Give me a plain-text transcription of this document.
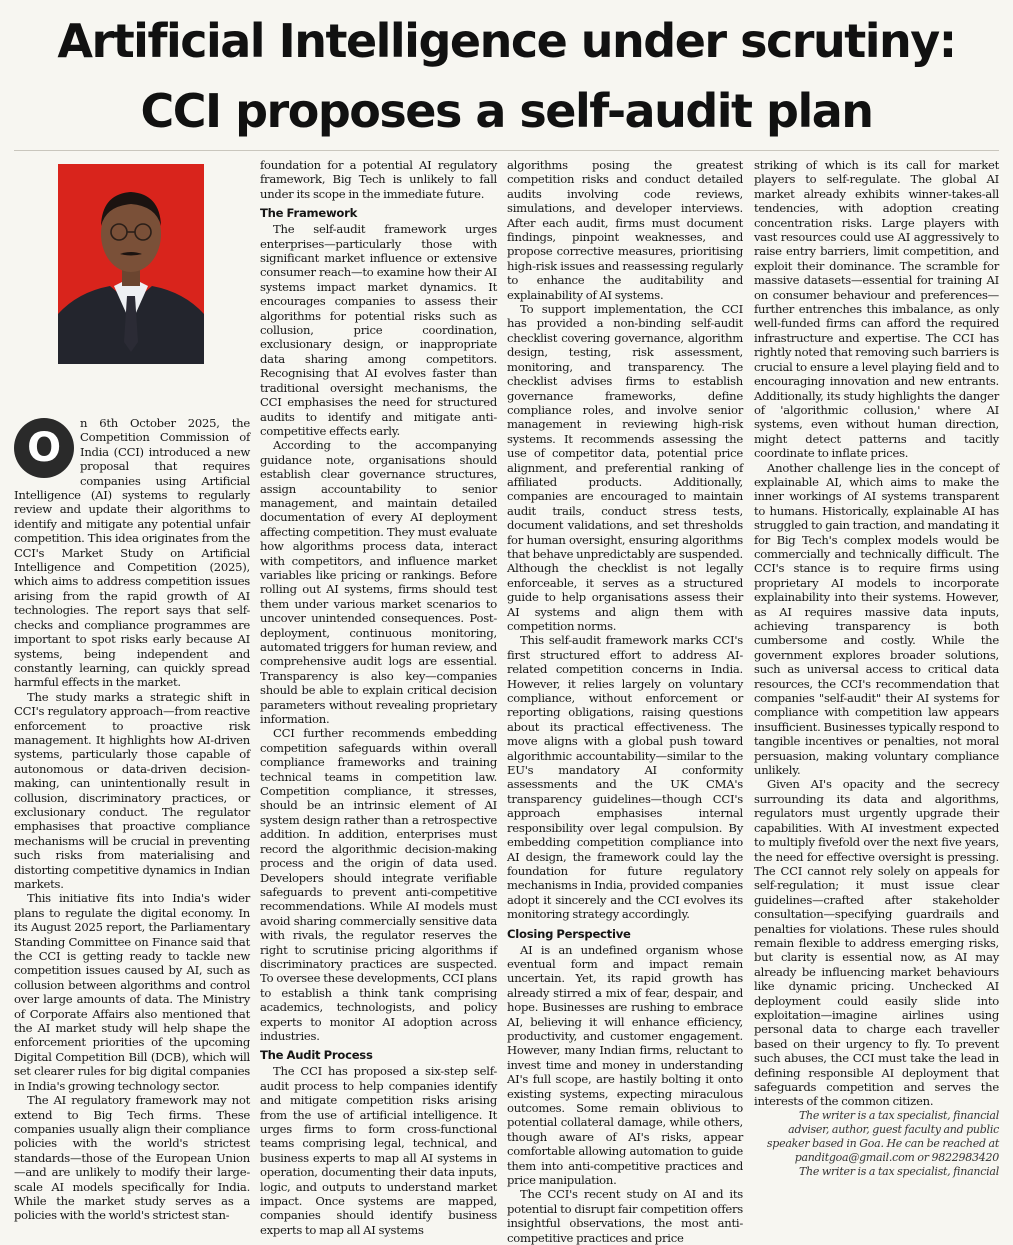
Artificial Intelligence under scrutiny:
CCI proposes a self-audit plan

O
n 6th October 2025, the Competition Commission of India (CCI) introduced a new proposal that requires companies using Artificial Intelligence (AI) systems to regularly review and update their algorithms to identify and mitigate any potential unfair competition. This idea originates from the CCI's Market Study on Artificial Intelligence and Competition (2025), which aims to address competition issues arising from the rapid growth of AI technologies. The report says that self-checks and compliance programmes are important to spot risks early because AI systems, being independent and constantly learning, can quickly spread harmful effects in the market.

The study marks a strategic shift in CCI's regulatory approach—from reactive enforcement to proactive risk management. It highlights how AI-driven systems, particularly those capable of autonomous or data-driven decision-making, can unintentionally result in collusion, discriminatory practices, or exclusionary conduct. The regulator emphasises that proactive compliance mechanisms will be crucial in preventing such risks from materialising and distorting competitive dynamics in Indian markets.

This initiative fits into India's wider plans to regulate the digital economy. In its August 2025 report, the Parliamentary Standing Committee on Finance said that the CCI is getting ready to tackle new competition issues caused by AI, such as collusion between algorithms and control over large amounts of data. The Ministry of Corporate Affairs also mentioned that the AI market study will help shape the enforcement priorities of the upcoming Digital Competition Bill (DCB), which will set clearer rules for big digital companies in India's growing technology sector.

The AI regulatory framework may not extend to Big Tech firms. These companies usually align their compliance policies with the world's strictest standards—those of the European Union—and are unlikely to modify their large-scale AI models specifically for India. While the market study serves as a policies with the world's strictest stan-

foundation for a potential AI regulatory framework, Big Tech is unlikely to fall under its scope in the immediate future.

The Framework

The self-audit framework urges enterprises—particularly those with significant market influence or extensive consumer reach—to examine how their AI systems impact market dynamics. It encourages companies to assess their algorithms for potential risks such as collusion, price coordination, exclusionary design, or inappropriate data sharing among competitors. Recognising that AI evolves faster than traditional oversight mechanisms, the CCI emphasises the need for structured audits to identify and mitigate anti-competitive effects early.

According to the accompanying guidance note, organisations should establish clear governance structures, assign accountability to senior management, and maintain detailed documentation of every AI deployment affecting competition. They must evaluate how algorithms process data, interact with competitors, and influence market variables like pricing or rankings. Before rolling out AI systems, firms should test them under various market scenarios to uncover unintended consequences. Post-deployment, continuous monitoring, automated triggers for human review, and comprehensive audit logs are essential. Transparency is also key—companies should be able to explain critical decision parameters without revealing proprietary information.

CCI further recommends embedding competition safeguards within overall compliance frameworks and training technical teams in competition law. Competition compliance, it stresses, should be an intrinsic element of AI system design rather than a retrospective addition. In addition, enterprises must record the algorithmic decision-making process and the origin of data used. Developers should integrate verifiable safeguards to prevent anti-competitive recommendations. While AI models must avoid sharing commercially sensitive data with rivals, the regulator reserves the right to scrutinise pricing algorithms if discriminatory practices are suspected. To oversee these developments, CCI plans to establish a think tank comprising academics, technologists, and policy experts to monitor AI adoption across industries.

The Audit Process

The CCI has proposed a six-step self-audit process to help companies identify and mitigate competition risks arising from the use of artificial intelligence. It urges firms to form cross-functional teams comprising legal, technical, and business experts to map all AI systems in operation, documenting their data inputs, logic, and outputs to understand market impact. Once systems are mapped, companies should identify business experts to map all AI systems

algorithms posing the greatest competition risks and conduct detailed audits involving code reviews, simulations, and developer interviews. After each audit, firms must document findings, pinpoint weaknesses, and propose corrective measures, prioritising high-risk issues and reassessing regularly to enhance the auditability and explainability of AI systems.

To support implementation, the CCI has provided a non-binding self-audit checklist covering governance, algorithm design, testing, risk assessment, monitoring, and transparency. The checklist advises firms to establish governance frameworks, define compliance roles, and involve senior management in reviewing high-risk systems. It recommends assessing the use of competitor data, potential price alignment, and preferential ranking of affiliated products. Additionally, companies are encouraged to maintain audit trails, conduct stress tests, document validations, and set thresholds for human oversight, ensuring algorithms that behave unpredictably are suspended. Although the checklist is not legally enforceable, it serves as a structured guide to help organisations assess their AI systems and align them with competition norms.

This self-audit framework marks CCI's first structured effort to address AI-related competition concerns in India. However, it relies largely on voluntary compliance, without enforcement or reporting obligations, raising questions about its practical effectiveness. The move aligns with a global push toward algorithmic accountability—similar to the EU's mandatory AI conformity assessments and the UK CMA's transparency guidelines—though CCI's approach emphasises internal responsibility over legal compulsion. By embedding competition compliance into AI design, the framework could lay the foundation for future regulatory mechanisms in India, provided companies adopt it sincerely and the CCI evolves its monitoring strategy accordingly.

Closing Perspective

AI is an undefined organism whose eventual form and impact remain uncertain. Yet, its rapid growth has already stirred a mix of fear, despair, and hope. Businesses are rushing to embrace AI, believing it will enhance efficiency, productivity, and customer engagement. However, many Indian firms, reluctant to invest time and money in understanding AI's full scope, are hastily bolting it onto existing systems, expecting miraculous outcomes. Some remain oblivious to potential collateral damage, while others, though aware of AI's risks, appear comfortable allowing automation to guide them into anti-competitive practices and price manipulation.

The CCI's recent study on AI and its potential to disrupt fair competition offers insightful observations, the most anti-competitive practices and price

striking of which is its call for market players to self-regulate. The global AI market already exhibits winner-takes-all tendencies, with adoption creating concentration risks. Large players with vast resources could use AI aggressively to raise entry barriers, limit competition, and exploit their dominance. The scramble for massive datasets—essential for training AI on consumer behaviour and preferences—further entrenches this imbalance, as only well-funded firms can afford the required infrastructure and expertise. The CCI has rightly noted that removing such barriers is crucial to ensure a level playing field and to encouraging innovation and new entrants. Additionally, its study highlights the danger of 'algorithmic collusion,' where AI systems, even without human direction, might detect patterns and tacitly coordinate to inflate prices.

Another challenge lies in the concept of explainable AI, which aims to make the inner workings of AI systems transparent to humans. Historically, explainable AI has struggled to gain traction, and mandating it for Big Tech's complex models would be commercially and technically difficult. The CCI's stance is to require firms using proprietary AI models to incorporate explainability into their systems. However, as AI requires massive data inputs, achieving transparency is both cumbersome and costly. While the government explores broader solutions, such as universal access to critical data resources, the CCI's recommendation that companies "self-audit" their AI systems for compliance with competition law appears insufficient. Businesses typically respond to tangible incentives or penalties, not moral persuasion, making voluntary compliance unlikely.

Given AI's opacity and the secrecy surrounding its data and algorithms, regulators must urgently upgrade their capabilities. With AI investment expected to multiply fivefold over the next five years, the need for effective oversight is pressing. The CCI cannot rely solely on appeals for self-regulation; it must issue clear guidelines—crafted after stakeholder consultation—specifying guardrails and penalties for violations. These rules should remain flexible to address emerging risks, but clarity is essential now, as AI may already be influencing market behaviours like dynamic pricing. Unchecked AI deployment could easily slide into exploitation—imagine airlines using personal data to charge each traveller based on their urgency to fly. To prevent such abuses, the CCI must take the lead in defining responsible AI deployment that safeguards competition and serves the interests of the common citizen.

The writer is a tax specialist, financial adviser, author, guest faculty and public speaker based in Goa. He can be reached at panditgoa@gmail.com or 9822983420

The writer is a tax specialist, financial
